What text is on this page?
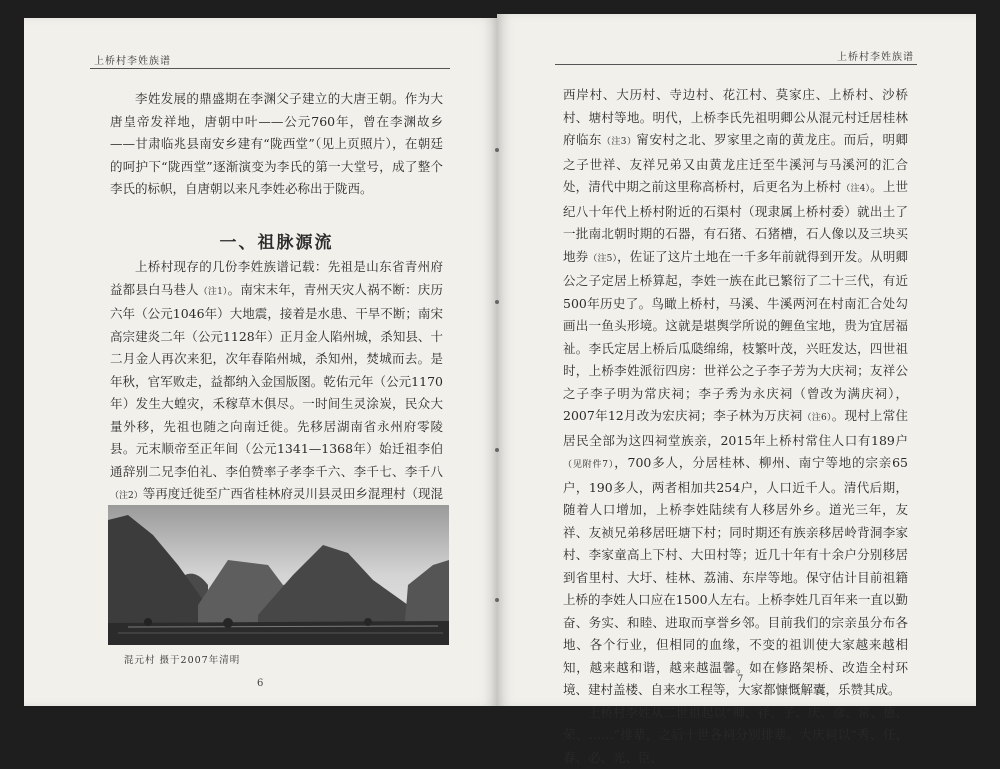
上桥村李姓族谱

李姓发展的鼎盛期在李渊父子建立的大唐王朝。作为大唐皇帝发祥地，唐朝中叶——公元760年，曾在李渊故乡——甘肃临兆县南安乡建有“陇西堂”（见上页照片），在朝廷的呵护下“陇西堂”逐渐演变为李氏的第一大堂号，成了整个李氏的标帜，自唐朝以来凡李姓必称出于陇西。

一、祖脉源流

上桥村现存的几份李姓族谱记载：先祖是山东省青州府益都县白马巷人（注1）。南宋末年，青州天灾人祸不断：庆历六年（公元1046年）大地震，接着是水患、干旱不断；南宋高宗建炎二年（公元1128年）正月金人陷州城，杀知县、十二月金人再次来犯，次年春陷州城，杀知州，焚城而去。是年秋，官军败走，益都纳入金国版图。乾佑元年（公元1170年）发生大蝗灾，禾稼草木俱尽。一时间生灵涂炭，民众大量外移，先祖也随之向南迁徙。先移居湖南省永州府零陵县。元末顺帝至正年间（公元1341—1368年）始迁祖李伯通辞别二兄李伯礼、李伯赞率子孝李千六、李千七、李千八（注2）等再度迁徙至广西省桂林府灵川县灵田乡混理村（现混

混元村 摄于2007年清明
6
上桥村李姓族谱

西岸村、大历村、寺边村、花江村、莫家庄、上桥村、沙桥村、塘村等地。明代，上桥李氏先祖明卿公从混元村迁居桂林府临东（注3）甯安村之北、罗家里之南的黄龙庄。而后，明卿之子世祥、友祥兄弟又由黄龙庄迁至牛溪河与马溪河的汇合处，清代中期之前这里称高桥村，后更名为上桥村（注4）。上世纪八十年代上桥村附近的石渠村（现隶属上桥村委）就出土了一批南北朝时期的石器，有石猪、石猪槽，石人像以及三块买地券（注5），佐证了这片土地在一千多年前就得到开发。从明卿公之子定居上桥算起，李姓一族在此已繁衍了二十三代，有近500年历史了。鸟瞰上桥村，马溪、牛溪两河在村南汇合处勾画出一鱼头形境。这就是堪舆学所说的鲤鱼宝地，贵为宜居福祉。李氏定居上桥后瓜瓞绵绵，枝繁叶茂，兴旺发达，四世祖时，上桥李姓派衍四房：世祥公之子李子芳为大庆祠；友祥公之子李子明为常庆祠；李子秀为永庆祠（曾改为满庆祠），2007年12月改为宏庆祠；李子林为万庆祠（注6）。现村上常住居民全部为这四祠堂族亲，2015年上桥村常住人口有189户（见附件7），700多人，分居桂林、柳州、南宁等地的宗亲65户，190多人，两者相加共254户，人口近千人。清代后期，随着人口增加，上桥李姓陆续有人移居外乡。道光三年，友祥、友祯兄弟移居旺塘下村；同时期还有族亲移居岭背洞李家村、李家童高上下村、大田村等；近几十年有十余户分别移居到省里村、大圩、桂林、荔浦、东岸等地。保守估计目前祖籍上桥的李姓人口应在1500人左右。上桥李姓几百年来一直以勤奋、务实、和睦、进取而享誉乡邻。目前我们的宗亲虽分布各地、各个行业，但相同的血缘，不变的祖训使大家越来越相知，越来越和谐，越来越温馨。如在修路架桥、改造全村环境、建村盖楼、自来水工程等，大家都慷慨解囊，乐赞其成。

上桥村李姓从二世祖起以“卿、祥、子、庆、彦、常、德、荣、……”排辈，之后十世各祠分别排辈。大庆祠以“秀、任、春、必、光、臣、

7
